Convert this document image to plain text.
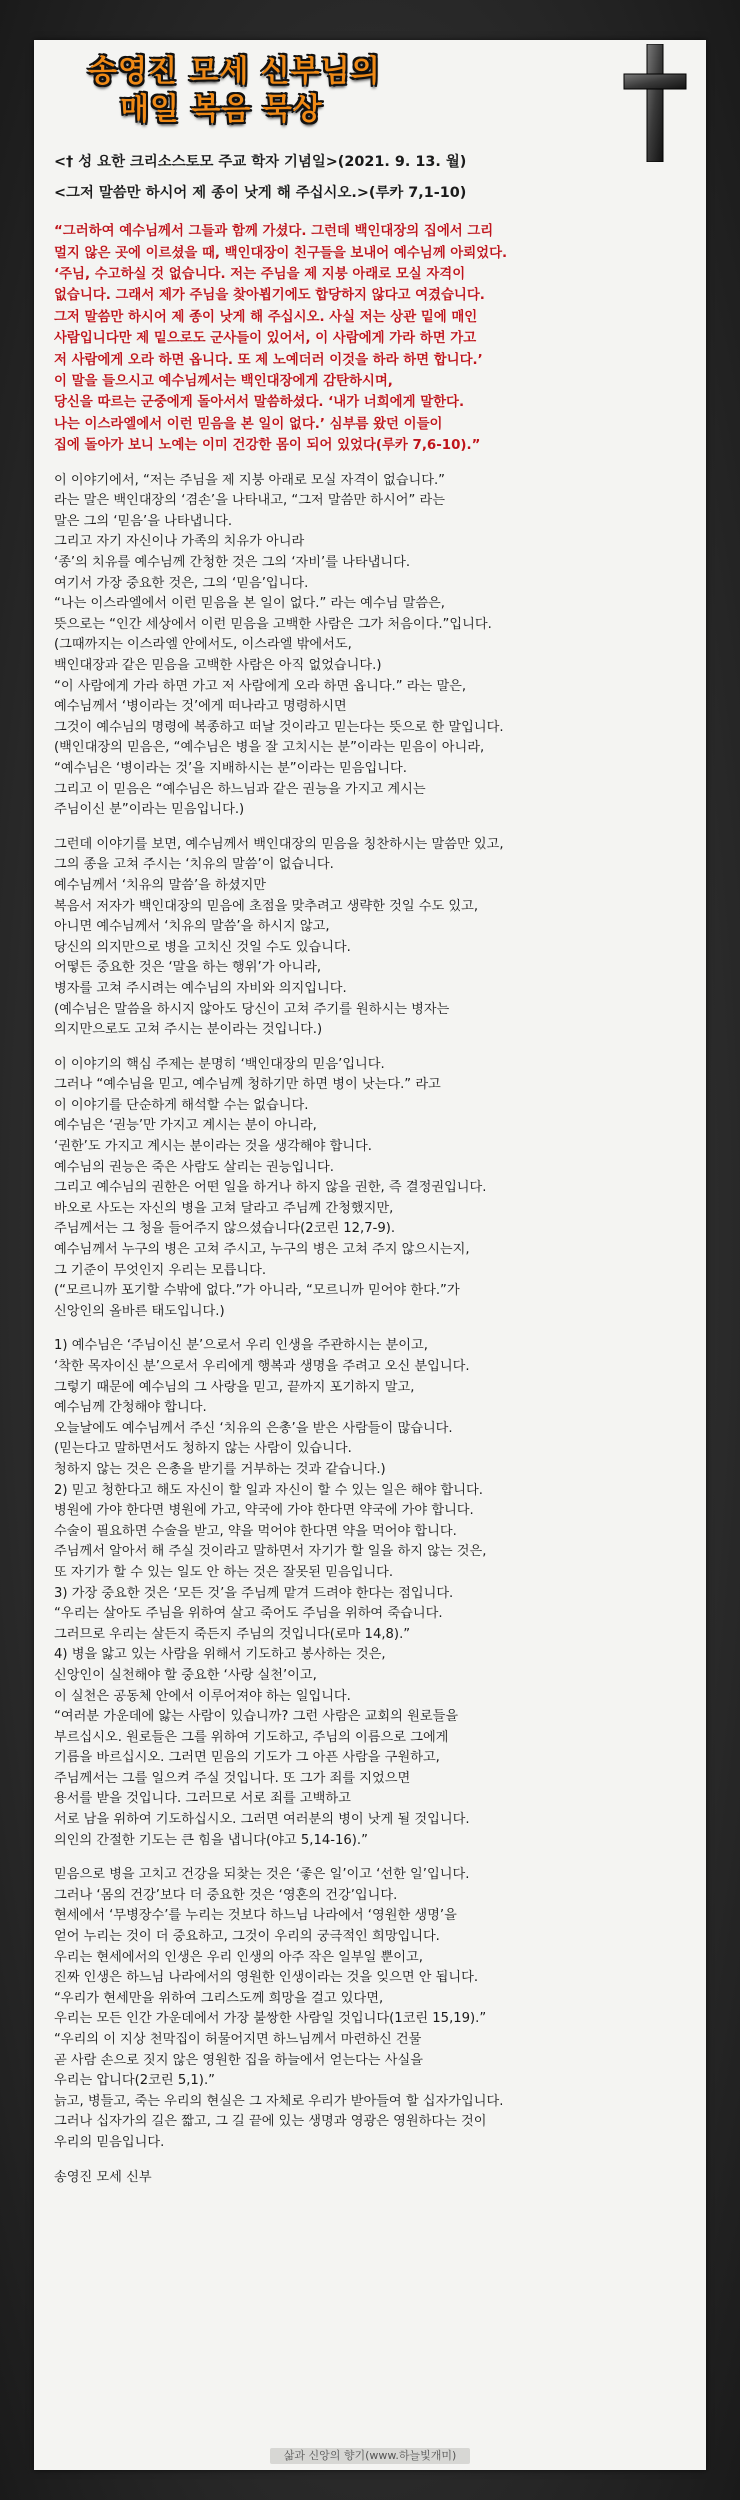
송영진 모세 신부님의
매일 복음 묵상
<† 성 요한 크리소스토모 주교 학자 기념일>(2021. 9. 13. 월)
<그저 말씀만 하시어 제 종이 낫게 해 주십시오.>(루카 7,1-10)
“그러하여 예수님께서 그들과 함께 가셨다. 그런데 백인대장의 집에서 그리
멀지 않은 곳에 이르셨을 때, 백인대장이 친구들을 보내어 예수님께 아뢰었다.
‘주님, 수고하실 것 없습니다. 저는 주님을 제 지붕 아래로 모실 자격이
없습니다. 그래서 제가 주님을 찾아뵙기에도 합당하지 않다고 여겼습니다.
그저 말씀만 하시어 제 종이 낫게 해 주십시오. 사실 저는 상관 밑에 매인
사람입니다만 제 밑으로도 군사들이 있어서, 이 사람에게 가라 하면 가고
저 사람에게 오라 하면 옵니다. 또 제 노예더러 이것을 하라 하면 합니다.’
이 말을 들으시고 예수님께서는 백인대장에게 감탄하시며,
당신을 따르는 군중에게 돌아서서 말씀하셨다. ‘내가 너희에게 말한다.
나는 이스라엘에서 이런 믿음을 본 일이 없다.’ 심부름 왔던 이들이
집에 돌아가 보니 노예는 이미 건강한 몸이 되어 있었다(루카 7,6-10).”
이 이야기에서, “저는 주님을 제 지붕 아래로 모실 자격이 없습니다.”
라는 말은 백인대장의 ‘겸손’을 나타내고, “그저 말씀만 하시어” 라는
말은 그의 ‘믿음’을 나타냅니다.
그리고 자기 자신이나 가족의 치유가 아니라
‘종’의 치유를 예수님께 간청한 것은 그의 ‘자비’를 나타냅니다.
여기서 가장 중요한 것은, 그의 ‘믿음’입니다.
“나는 이스라엘에서 이런 믿음을 본 일이 없다.” 라는 예수님 말씀은,
뜻으로는 “인간 세상에서 이런 믿음을 고백한 사람은 그가 처음이다.”입니다.
(그때까지는 이스라엘 안에서도, 이스라엘 밖에서도,
백인대장과 같은 믿음을 고백한 사람은 아직 없었습니다.)
“이 사람에게 가라 하면 가고 저 사람에게 오라 하면 옵니다.” 라는 말은,
예수님께서 ‘병이라는 것’에게 떠나라고 명령하시면
그것이 예수님의 명령에 복종하고 떠날 것이라고 믿는다는 뜻으로 한 말입니다.
(백인대장의 믿음은, “예수님은 병을 잘 고치시는 분”이라는 믿음이 아니라,
“예수님은 ‘병이라는 것’을 지배하시는 분”이라는 믿음입니다.
그리고 이 믿음은 “예수님은 하느님과 같은 권능을 가지고 계시는
주님이신 분”이라는 믿음입니다.)
그런데 이야기를 보면, 예수님께서 백인대장의 믿음을 칭찬하시는 말씀만 있고,
그의 종을 고쳐 주시는 ‘치유의 말씀’이 없습니다.
예수님께서 ‘치유의 말씀’을 하셨지만
복음서 저자가 백인대장의 믿음에 초점을 맞추려고 생략한 것일 수도 있고,
아니면 예수님께서 ‘치유의 말씀’을 하시지 않고,
당신의 의지만으로 병을 고치신 것일 수도 있습니다.
어떻든 중요한 것은 ‘말을 하는 행위’가 아니라,
병자를 고쳐 주시려는 예수님의 자비와 의지입니다.
(예수님은 말씀을 하시지 않아도 당신이 고쳐 주기를 원하시는 병자는
의지만으로도 고쳐 주시는 분이라는 것입니다.)
이 이야기의 핵심 주제는 분명히 ‘백인대장의 믿음’입니다.
그러나 “예수님을 믿고, 예수님께 청하기만 하면 병이 낫는다.” 라고
이 이야기를 단순하게 해석할 수는 없습니다.
예수님은 ‘권능’만 가지고 계시는 분이 아니라,
‘권한’도 가지고 계시는 분이라는 것을 생각해야 합니다.
예수님의 권능은 죽은 사람도 살리는 권능입니다.
그리고 예수님의 권한은 어떤 일을 하거나 하지 않을 권한, 즉 결정권입니다.
바오로 사도는 자신의 병을 고쳐 달라고 주님께 간청했지만,
주님께서는 그 청을 들어주지 않으셨습니다(2코린 12,7-9).
예수님께서 누구의 병은 고쳐 주시고, 누구의 병은 고쳐 주지 않으시는지,
그 기준이 무엇인지 우리는 모릅니다.
(“모르니까 포기할 수밖에 없다.”가 아니라, “모르니까 믿어야 한다.”가
신앙인의 올바른 태도입니다.)
1) 예수님은 ‘주님이신 분’으로서 우리 인생을 주관하시는 분이고,
‘착한 목자이신 분’으로서 우리에게 행복과 생명을 주려고 오신 분입니다.
그렇기 때문에 예수님의 그 사랑을 믿고, 끝까지 포기하지 말고,
예수님께 간청해야 합니다.
오늘날에도 예수님께서 주신 ‘치유의 은총’을 받은 사람들이 많습니다.
(믿는다고 말하면서도 청하지 않는 사람이 있습니다.
청하지 않는 것은 은총을 받기를 거부하는 것과 같습니다.)
2) 믿고 청한다고 해도 자신이 할 일과 자신이 할 수 있는 일은 해야 합니다.
병원에 가야 한다면 병원에 가고, 약국에 가야 한다면 약국에 가야 합니다.
수술이 필요하면 수술을 받고, 약을 먹어야 한다면 약을 먹어야 합니다.
주님께서 알아서 해 주실 것이라고 말하면서 자기가 할 일을 하지 않는 것은,
또 자기가 할 수 있는 일도 안 하는 것은 잘못된 믿음입니다.
3) 가장 중요한 것은 ‘모든 것’을 주님께 맡겨 드려야 한다는 점입니다.
“우리는 살아도 주님을 위하여 살고 죽어도 주님을 위하여 죽습니다.
그러므로 우리는 살든지 죽든지 주님의 것입니다(로마 14,8).”
4) 병을 앓고 있는 사람을 위해서 기도하고 봉사하는 것은,
신앙인이 실천해야 할 중요한 ‘사랑 실천’이고,
이 실천은 공동체 안에서 이루어져야 하는 일입니다.
“여러분 가운데에 앓는 사람이 있습니까? 그런 사람은 교회의 원로들을
부르십시오. 원로들은 그를 위하여 기도하고, 주님의 이름으로 그에게
기름을 바르십시오. 그러면 믿음의 기도가 그 아픈 사람을 구원하고,
주님께서는 그를 일으켜 주실 것입니다. 또 그가 죄를 지었으면
용서를 받을 것입니다. 그러므로 서로 죄를 고백하고
서로 남을 위하여 기도하십시오. 그러면 여러분의 병이 낫게 될 것입니다.
의인의 간절한 기도는 큰 힘을 냅니다(야고 5,14-16).”
믿음으로 병을 고치고 건강을 되찾는 것은 ‘좋은 일’이고 ‘선한 일’입니다.
그러나 ‘몸의 건강’보다 더 중요한 것은 ‘영혼의 건강’입니다.
현세에서 ‘무병장수’를 누리는 것보다 하느님 나라에서 ‘영원한 생명’을
얻어 누리는 것이 더 중요하고, 그것이 우리의 궁극적인 희망입니다.
우리는 현세에서의 인생은 우리 인생의 아주 작은 일부일 뿐이고,
진짜 인생은 하느님 나라에서의 영원한 인생이라는 것을 잊으면 안 됩니다.
“우리가 현세만을 위하여 그리스도께 희망을 걸고 있다면,
우리는 모든 인간 가운데에서 가장 불쌍한 사람일 것입니다(1코린 15,19).”
“우리의 이 지상 천막집이 허물어지면 하느님께서 마련하신 건물
곧 사람 손으로 짓지 않은 영원한 집을 하늘에서 얻는다는 사실을
우리는 압니다(2코린 5,1).”
늙고, 병들고, 죽는 우리의 현실은 그 자체로 우리가 받아들여 할 십자가입니다.
그러나 십자가의 길은 짧고, 그 길 끝에 있는 생명과 영광은 영원하다는 것이
우리의 믿음입니다.
송영진 모세 신부
삶과 신앙의 향기(www.하늘빛개미)
